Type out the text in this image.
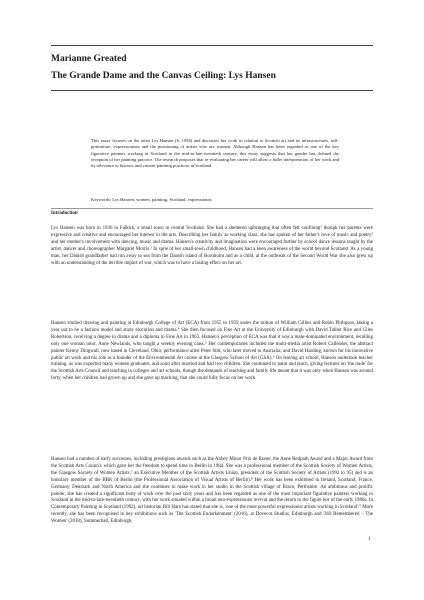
Marianne Greated
The Grande Dame and the Canvas Ceiling: Lys Hansen
This essay focuses on the artist Lys Hansen (b. 1936) and discusses her work in relation to Scottish art and its infrastructures, self-portraiture, expressionism and the positioning of artists who are women. Although Hansen has been regarded as one of the key figurative painters working in Scotland in the mid-to-late-twentieth century, this essay suggests that her gender has defined the reception of her painting practice. The research proposes that re-evaluating her career will allow a fuller interpretation of her work and its relevance to historic and current painting practices in Scotland.
Keywords: Lys Hansen, women, painting, Scotland, expressionist
Introduction

Lys Hansen was born in 1936 in Falkirk, a small town in central Scotland. She had a sheltered upbringing that often felt confining¹ though her parents were expressive and creative and encouraged her interest in the arts. Describing her family as working class, she has spoken of her father's love of music and poetry² and her mother's involvement with dancing, music and drama. Hansen's creativity and imagination were encouraged further by school dance lessons taught by the artist, dancer and choreographer Margaret Morris.³ In spite of her small-town childhood, Hansen had a keen awareness of the world beyond Scotland. As a young man, her Danish grandfather had run away to sea from the Danish island of Bornholm and as a child, at the outbreak of the Second World War she also grew up with an understanding of the terrible impact of war, which was to have a lasting effect on her art.

Hansen studied drawing and painting at Edinburgh College of Art (ECA) from 1955 to 1959 under the tuition of William Gillies and Robin Philipson, taking a year out to be a fashion model and study elocution and drama.⁴ She then focused on Fine Art at the University of Edinburgh with David Talbot Rice and Giles Robertson, receiving a degree in drama and a diploma in Fine Art in 1963. Hansen's perception of ECA was that it was a male-dominated environment, recalling only one woman tutor, Anne Newlands, who taught a weekly evening class.⁵ Her contemporaries included the multi-media artist Robert Callender, the abstract painter Kenny Dingwall, now based in Cleveland, Ohio; performance artist Peter Stitt, who later moved to Australia; and David Harding, known for his innovative public art work and his role as a founder of the Environmental Art course at the Glasgow School of Art (GSA).⁶ On leaving art school, Hansen undertook teacher training, as was expected many women graduates, and soon after married and had two children. She continued to paint and teach, giving lectures on 'the nude' for the Scottish Arts Council and teaching in colleges and art schools, though the demands of teaching and family life meant that it was only when Hansen was around forty, when her children had grown up and she gave up teaching, that she could fully focus on her work.

Hansen had a number of early successes, including prestigious awards such as the Abbey Minor Prix de Rome, the Anne Redpath Award and a Major Award from the Scottish Arts Council, which gave her the freedom to spend time in Berlin in 1984. She was a professional member of the Scottish Society of Women Artists, the Glasgow Society of Women Artists,⁷ an Executive Member of the Scottish Artists Union, president of the Scottish Society of Artists (1992 to 95) and is an honorary member of the BBK of Berlin (the Professional Association of Visual Artists of Berlin).⁸ Her work has been exhibited in Ireland, Scotland, France, Germany, Denmark and North America and she continues to make work in her studio in the Scottish village of Braco, Perthshire. An ambitious and prolific painter, she has created a significant body of work over the past sixty years and has been regarded as one of the most important figurative painters working in Scotland in the mid-to-late-twentieth century, with her work situated within a broad neo-expressionist revival and the return to the figure bor of the early 1980s. In Contemporary Painting in Scotland (1992), art historian Bill Hare has stated that she is, 'one of the most powerful expressionist artists working in Scotland'.⁹ More recently, she has been recognised in key exhibitions such as 'The Scottish Endarkenment' (2016), at Dovecot Studios, Edinburgh and '369 Remembered – The Women' (2018), Summerhall, Edinburgh.

1
